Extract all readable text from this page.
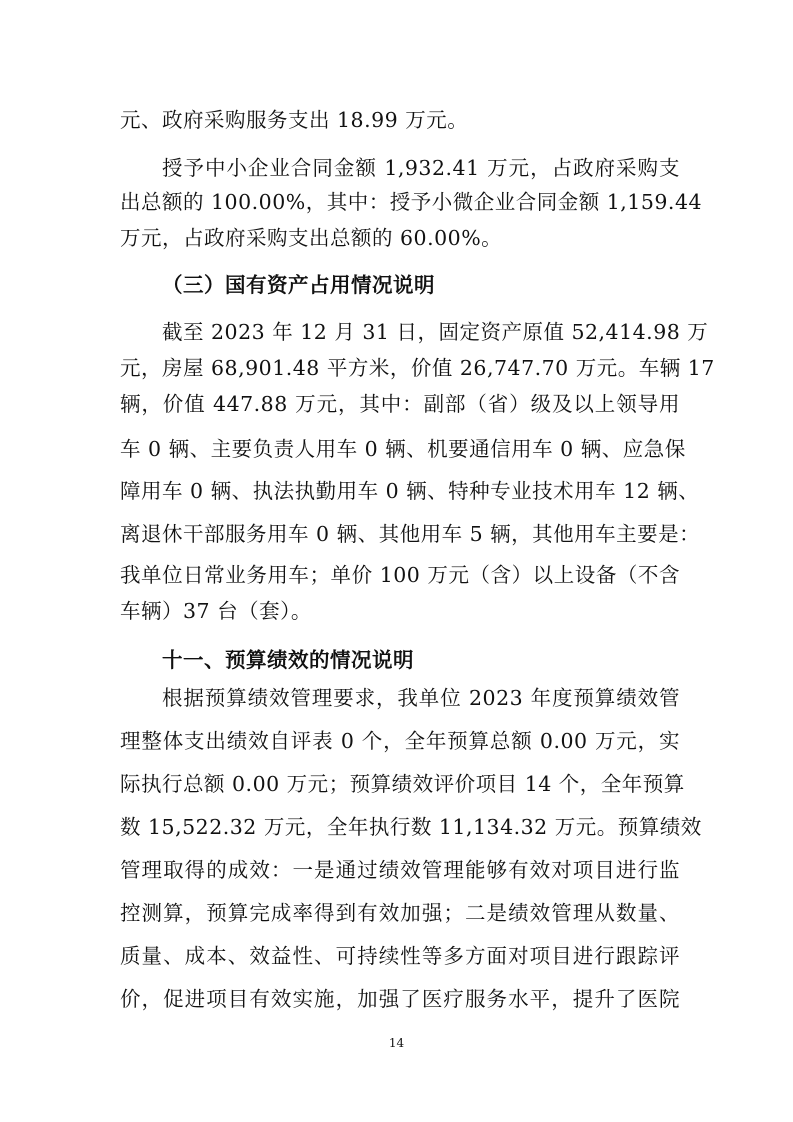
元、政府采购服务支出 18.99 万元。
授予中小企业合同金额 1,932.41 万元，占政府采购支
出总额的 100.00%，其中：授予小微企业合同金额 1,159.44
万元，占政府采购支出总额的 60.00%。
（三）国有资产占用情况说明
截至 2023 年 12 月 31 日，固定资产原值 52,414.98 万
元，房屋 68,901.48 平方米，价值 26,747.70 万元。车辆 17
辆，价值 447.88 万元，其中：副部（省）级及以上领导用
车 0 辆、主要负责人用车 0 辆、机要通信用车 0 辆、应急保
障用车 0 辆、执法执勤用车 0 辆、特种专业技术用车 12 辆、
离退休干部服务用车 0 辆、其他用车 5 辆，其他用车主要是：
我单位日常业务用车；单价 100 万元（含）以上设备（不含
车辆）37 台（套）。
十一、预算绩效的情况说明
根据预算绩效管理要求，我单位 2023 年度预算绩效管
理整体支出绩效自评表 0 个，全年预算总额 0.00 万元，实
际执行总额 0.00 万元；预算绩效评价项目 14 个，全年预算
数 15,522.32 万元，全年执行数 11,134.32 万元。预算绩效
管理取得的成效：一是通过绩效管理能够有效对项目进行监
控测算，预算完成率得到有效加强；二是绩效管理从数量、
质量、成本、效益性、可持续性等多方面对项目进行跟踪评
价，促进项目有效实施，加强了医疗服务水平，提升了医院
14
